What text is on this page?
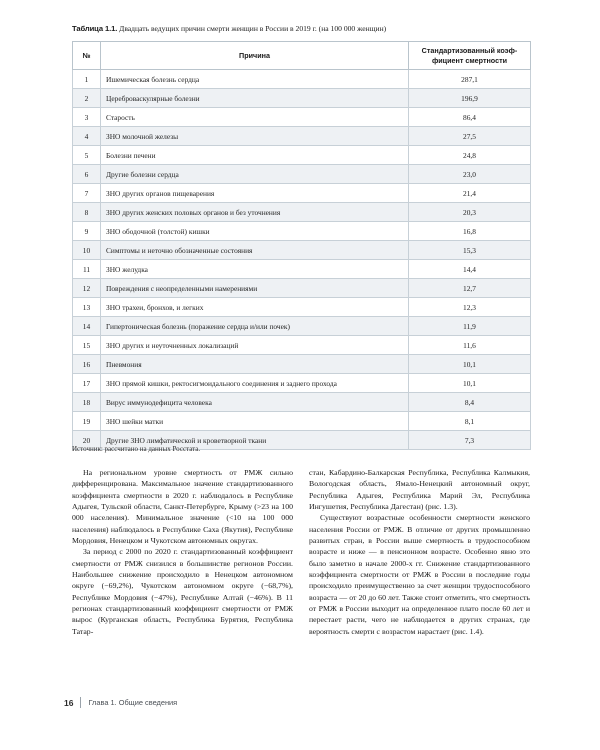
Таблица 1.1. Двадцать ведущих причин смерти женщин в России в 2019 г. (на 100 000 женщин)
№	Причина	Стандартизованный коэф-
фициент смертности
1	Ишемическая болезнь сердца	287,1
2	Цереброваскулярные болезни	196,9
3	Старость	86,4
4	ЗНО молочной железы	27,5
5	Болезни печени	24,8
6	Другие болезни сердца	23,0
7	ЗНО других органов пищеварения	21,4
8	ЗНО других женских половых органов и без уточнения	20,3
9	ЗНО ободочной (толстой) кишки	16,8
10	Симптомы и неточно обозначенные состояния	15,3
11	ЗНО желудка	14,4
12	Повреждения с неопределенными намерениями	12,7
13	ЗНО трахеи, бронхов, и легких	12,3
14	Гипертоническая болезнь (поражение сердца и/или почек)	11,9
15	ЗНО других и неуточненных локализаций	11,6
16	Пневмония	10,1
17	ЗНО прямой кишки, ректосигмоидального соединения и заднего прохода	10,1
18	Вирус иммунодефицита человека	8,4
19	ЗНО шейки матки	8,1
20	Другие ЗНО лимфатической и кроветворной ткани	7,3
Источник: рассчитано на данных Росстата.

На региональном уровне смертность от РМЖ сильно дифференцирована. Максимальное значение стандартизованного коэффициента смертности в 2020 г. наблюдалось в Республике Адыгея, Тульской области, Санкт-Петербурге, Крыму (>23 на 100 000 населения). Минимальное значение (<10 на 100 000 населения) наблюдалось в Республике Саха (Якутия), Республике Мордовия, Ненецком и Чукотском автономных округах.

За период с 2000 по 2020 г. стандартизованный коэффициент смертности от РМЖ снизился в большинстве регионов России. Наибольшее снижение происходило в Ненецком автономном округе (−69,2%), Чукотском автономном округе (−68,7%), Республике Мордовия (−47%), Республике Алтай (−46%). В 11 регионах стандартизованный коэффициент смертности от РМЖ вырос (Курганская область, Республика Бурятия, Республика Татар-

стан, Кабардино-Балкарская Республика, Республика Калмыкия, Вологодская область, Ямало-Ненецкий автономный округ, Республика Адыгея, Республика Марий Эл, Республика Ингушетия, Республика Дагестан) (рис. 1.3).

Существуют возрастные особенности смертности женского населения России от РМЖ. В отличие от других промышленно развитых стран, в России выше смертность в трудоспособном возрасте и ниже — в пенсионном возрасте. Особенно явно это было заметно в начале 2000-х гг. Снижение стандартизованного коэффициента смертности от РМЖ в России в последние годы происходило преимущественно за счет женщин трудоспособного возраста — от 20 до 60 лет. Также стоит отметить, что смертность от РМЖ в России выходит на определенное плато после 60 лет и перестает расти, чего не наблюдается в других странах, где вероятность смерти с возрастом нарастает (рис. 1.4).

16 Глава 1. Общие сведения
